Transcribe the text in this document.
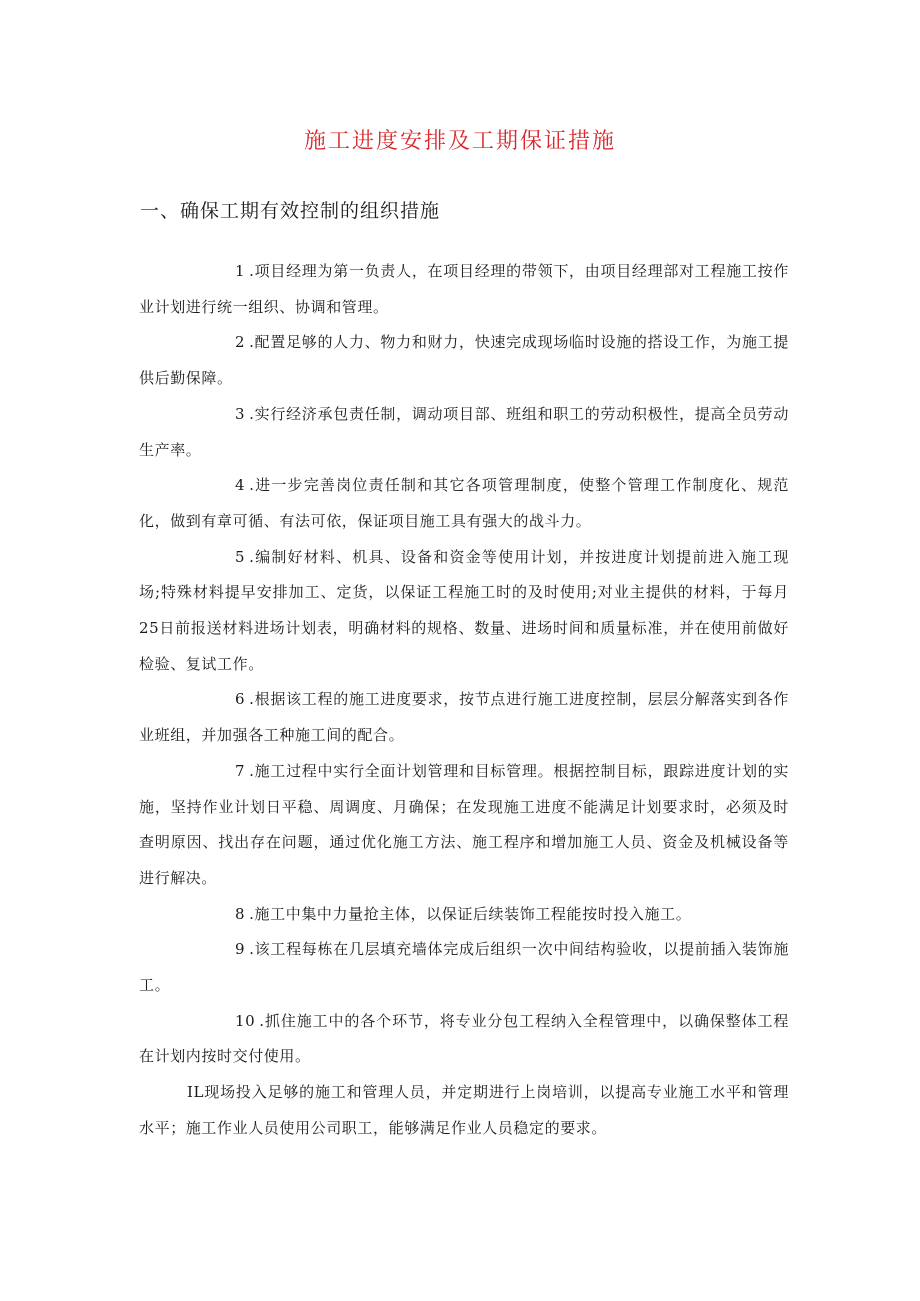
施工进度安排及工期保证措施
一、确保工期有效控制的组织措施

1 .项目经理为第一负责人，在项目经理的带领下，由项目经理部对工程施工按作业计划进行统一组织、协调和管理。

2 .配置足够的人力、物力和财力，快速完成现场临时设施的搭设工作，为施工提供后勤保障。

3 .实行经济承包责任制，调动项目部、班组和职工的劳动积极性，提高全员劳动生产率。

4 .进一步完善岗位责任制和其它各项管理制度，使整个管理工作制度化、规范化，做到有章可循、有法可依，保证项目施工具有强大的战斗力。

5 .编制好材料、机具、设备和资金等使用计划，并按进度计划提前进入施工现场;特殊材料提早安排加工、定货，以保证工程施工时的及时使用;对业主提供的材料，于每月25日前报送材料进场计划表，明确材料的规格、数量、进场时间和质量标准，并在使用前做好检验、复试工作。

6 .根据该工程的施工进度要求，按节点进行施工进度控制，层层分解落实到各作业班组，并加强各工种施工间的配合。

7 .施工过程中实行全面计划管理和目标管理。根据控制目标，跟踪进度计划的实施，坚持作业计划日平稳、周调度、月确保；在发现施工进度不能满足计划要求时，必须及时查明原因、找出存在问题，通过优化施工方法、施工程序和增加施工人员、资金及机械设备等进行解决。

8 .施工中集中力量抢主体，以保证后续装饰工程能按时投入施工。

9 .该工程每栋在几层填充墙体完成后组织一次中间结构验收，以提前插入装饰施工。

10 .抓住施工中的各个环节，将专业分包工程纳入全程管理中，以确保整体工程在计划内按时交付使用。

IL现场投入足够的施工和管理人员，并定期进行上岗培训，以提高专业施工水平和管理水平；施工作业人员使用公司职工，能够满足作业人员稳定的要求。
